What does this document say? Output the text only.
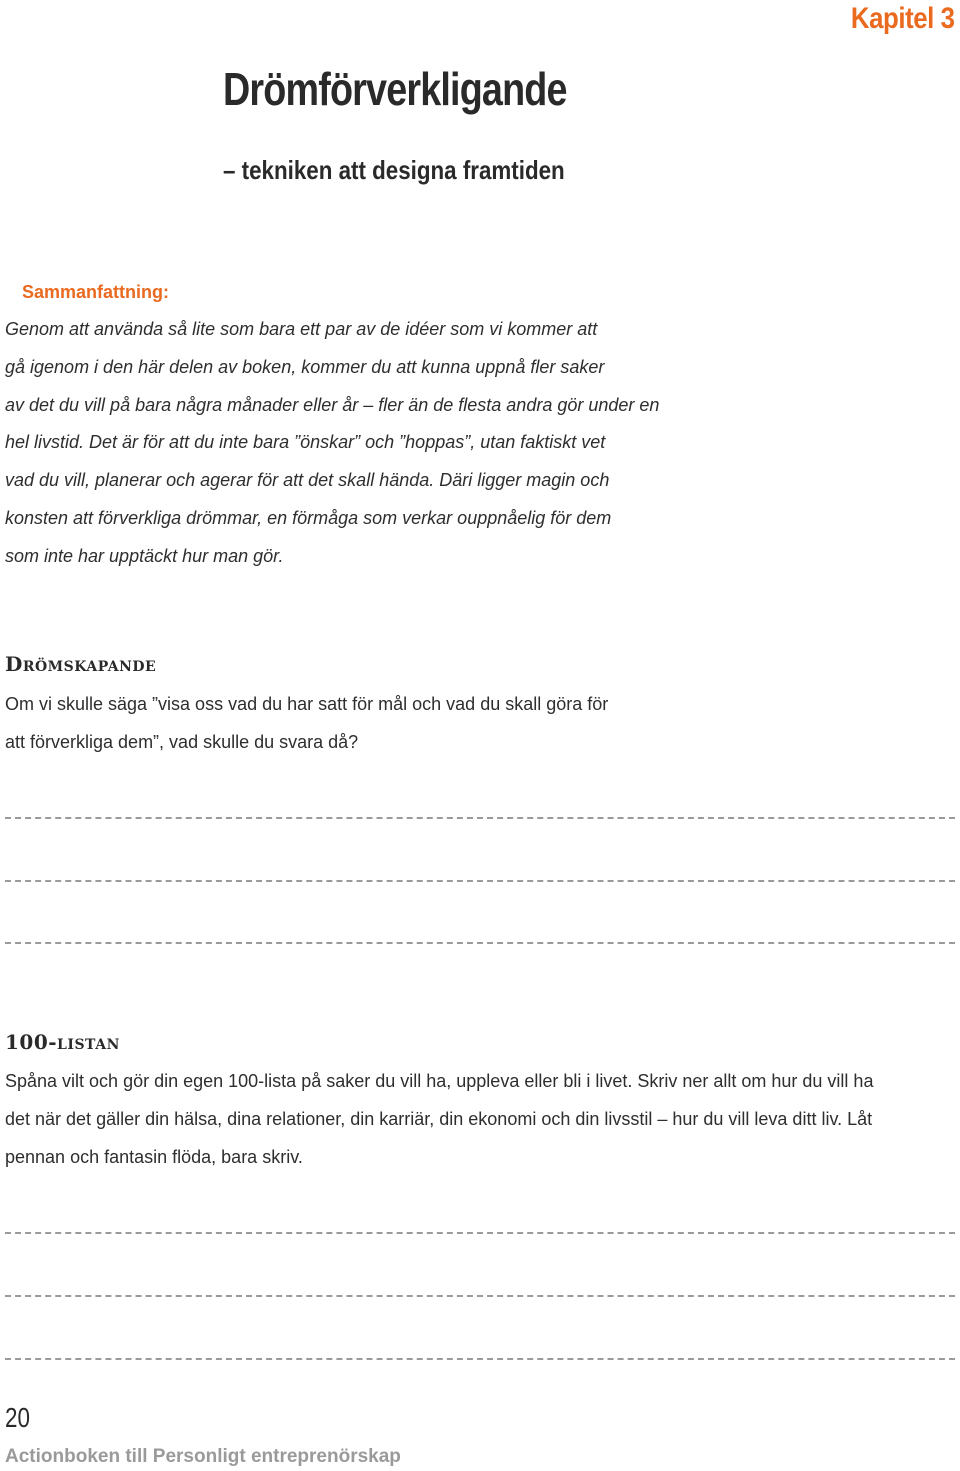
Kapitel 3
Drömförverkligande
– tekniken att designa framtiden
Sammanfattning:

Genom att använda så lite som bara ett par av de idéer som vi kommer att
gå igenom i den här delen av boken, kommer du att kunna uppnå fler saker
av det du vill på bara några månader eller år – fler än de flesta andra gör under en
hel livstid. Det är för att du inte bara ”önskar” och ”hoppas”, utan faktiskt vet
vad du vill, planerar och agerar för att det skall hända. Däri ligger magin och
konsten att förverkliga drömmar, en förmåga som verkar ouppnåelig för dem
som inte har upptäckt hur man gör.

Drömskapande

Om vi skulle säga ”visa oss vad du har satt för mål och vad du skall göra för
att förverkliga dem”, vad skulle du svara då?

100-listan

Spåna vilt och gör din egen 100-lista på saker du vill ha, uppleva eller bli i livet. Skriv ner allt om hur du vill ha
det när det gäller din hälsa, dina relationer, din karriär, din ekonomi och din livsstil – hur du vill leva ditt liv. Låt
pennan och fantasin flöda, bara skriv.

20
Actionboken till Personligt entreprenörskap
